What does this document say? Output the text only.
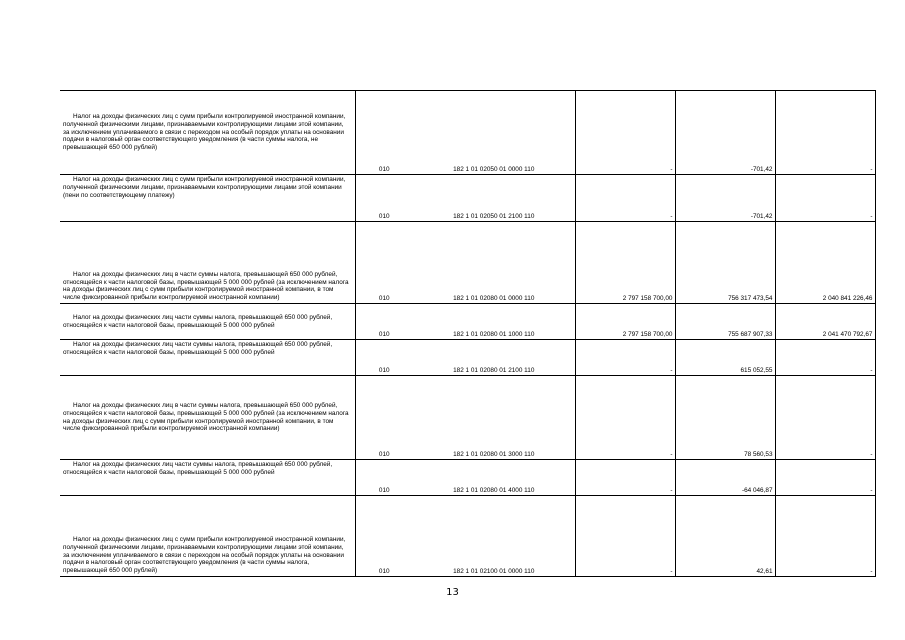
Налог на доходы физических лиц с сумм прибыли контролируемой иностранной компании, полученной физическими лицами, признаваемыми контролирующими лицами этой компании, за исключением уплачиваемого в связи с переходом на особый порядок уплаты на основании подачи в налоговый орган соответствующего уведомления (в части суммы налога, не превышающей 650 000 рублей)	010	182 1 01 02050 01 0000 110	-	-701,42	-
Налог на доходы физических лиц с сумм прибыли контролируемой иностранной компании, полученной физическими лицами, признаваемыми контролирующими лицами этой компании (пени по соответствующему платежу)	010	182 1 01 02050 01 2100 110	-	-701,42	-
Налог на доходы физических лиц в части суммы налога, превышающей 650 000 рублей, относящейся к части налоговой базы, превышающей 5 000 000 рублей (за исключением налога на доходы физических лиц с сумм прибыли контролируемой иностранной компании, в том числе фиксированной прибыли контролируемой иностранной компании)	010	182 1 01 02080 01 0000 110	2 797 158 700,00	756 317 473,54	2 040 841 226,46
Налог на доходы физических лиц части суммы налога, превышающей 650 000 рублей, относящейся к части налоговой базы, превышающей 5 000 000 рублей	010	182 1 01 02080 01 1000 110	2 797 158 700,00	755 687 907,33	2 041 470 792,67
Налог на доходы физических лиц части суммы налога, превышающей 650 000 рублей, относящейся к части налоговой базы, превышающей 5 000 000 рублей	010	182 1 01 02080 01 2100 110	-	615 052,55	-
Налог на доходы физических лиц в части суммы налога, превышающей 650 000 рублей, относящейся к части налоговой базы, превышающей 5 000 000 рублей (за исключением налога на доходы физических лиц с сумм прибыли контролируемой иностранной компании, в том числе фиксированной прибыли контролируемой иностранной компании)	010	182 1 01 02080 01 3000 110	-	78 560,53	-
Налог на доходы физических лиц части суммы налога, превышающей 650 000 рублей, относящейся к части налоговой базы, превышающей 5 000 000 рублей	010	182 1 01 02080 01 4000 110	-	-64 046,87	-
Налог на доходы физических лиц с сумм прибыли контролируемой иностранной компании, полученной физическими лицами, признаваемыми контролирующими лицами этой компании, за исключением уплачиваемого в связи с переходом на особый порядок уплаты на основании подачи в налоговый орган соответствующего уведомления (в части суммы налога, превышающей 650 000 рублей)	010	182 1 01 02100 01 0000 110	-	42,61	-
13
